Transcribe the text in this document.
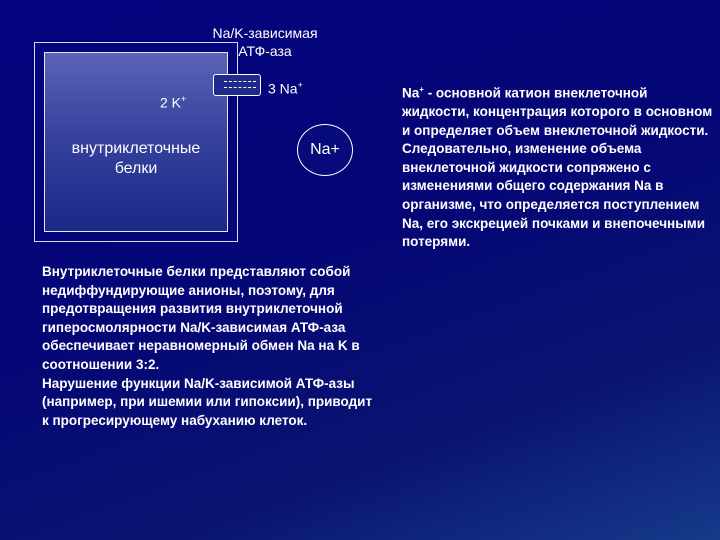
Na/K-зависимая
АТФ-аза
2 K+
3 Na+
внутриклеточные
белки
Na+

Внутриклеточные белки представляют собой недиффундирующие анионы, поэтому, для предотвращения развития внутриклеточной гиперосмолярности Na/K-зависимая АТФ-аза обеспечивает неравномерный обмен Na на K в соотношении 3:2.

Нарушение функции Na/K-зависимой АТФ-азы (например, при ишемии или гипоксии), приводит к прогресирующему набуханию клеток.

Na+ - основной катион внеклеточной жидкости, концентрация которого в основном и определяет объем внеклеточной жидкости.

Следовательно, изменение объема внеклеточной жидкости сопряжено с изменениями общего содержания Na в организме, что определяется поступлением Na, его экскрецией почками и внепочечными потерями.
